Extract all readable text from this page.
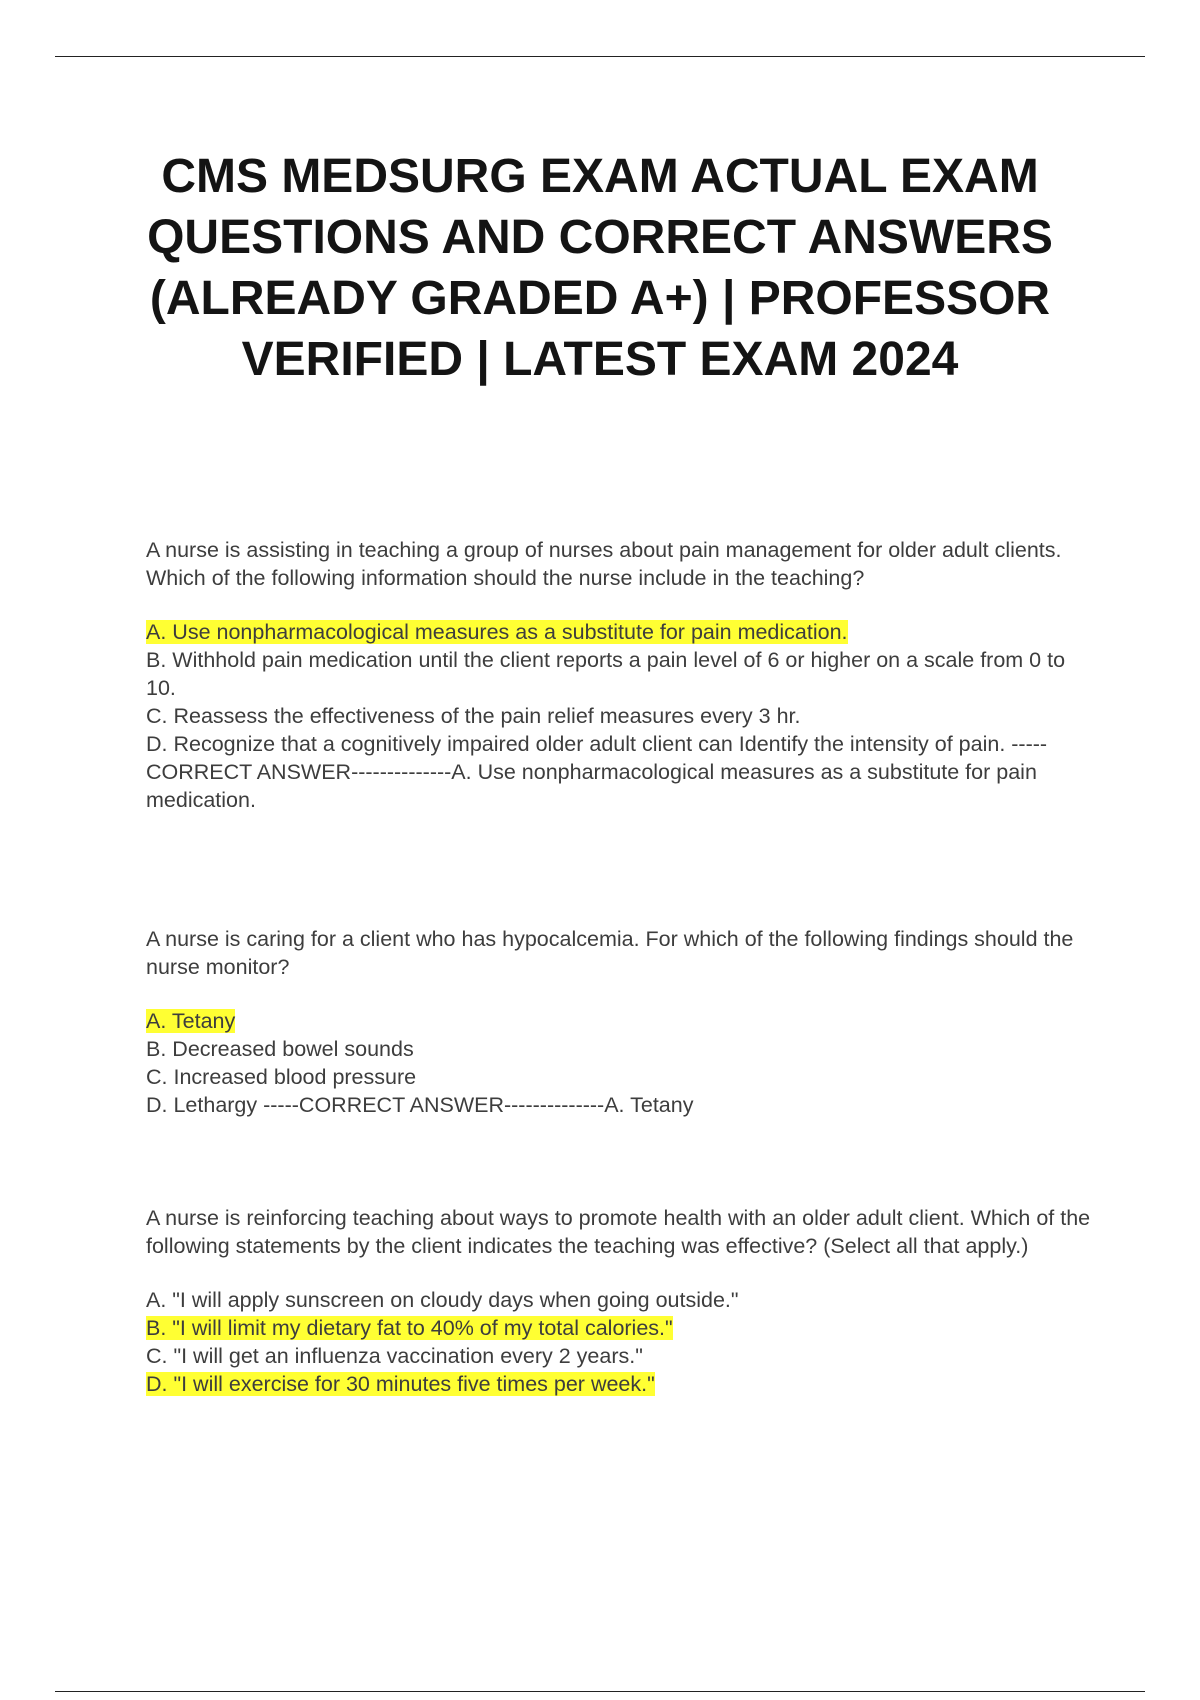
CMS MEDSURG EXAM ACTUAL EXAM QUESTIONS AND CORRECT ANSWERS (ALREADY GRADED A+) | PROFESSOR VERIFIED | LATEST EXAM 2024

A nurse is assisting in teaching a group of nurses about pain management for older adult clients. Which of the following information should the nurse include in the teaching?

A. Use nonpharmacological measures as a substitute for pain medication.

B. Withhold pain medication until the client reports a pain level of 6 or higher on a scale from 0 to 10.

C. Reassess the effectiveness of the pain relief measures every 3 hr.

D. Recognize that a cognitively impaired older adult client can Identify the intensity of pain. -----CORRECT ANSWER--------------A. Use nonpharmacological measures as a substitute for pain medication.

A nurse is caring for a client who has hypocalcemia. For which of the following findings should the nurse monitor?

A. Tetany

B. Decreased bowel sounds

C. Increased blood pressure

D. Lethargy -----CORRECT ANSWER--------------A. Tetany

A nurse is reinforcing teaching about ways to promote health with an older adult client. Which of the following statements by the client indicates the teaching was effective? (Select all that apply.)

A. "I will apply sunscreen on cloudy days when going outside."

B. "I will limit my dietary fat to 40% of my total calories."

C. "I will get an influenza vaccination every 2 years."

D. "I will exercise for 30 minutes five times per week."
